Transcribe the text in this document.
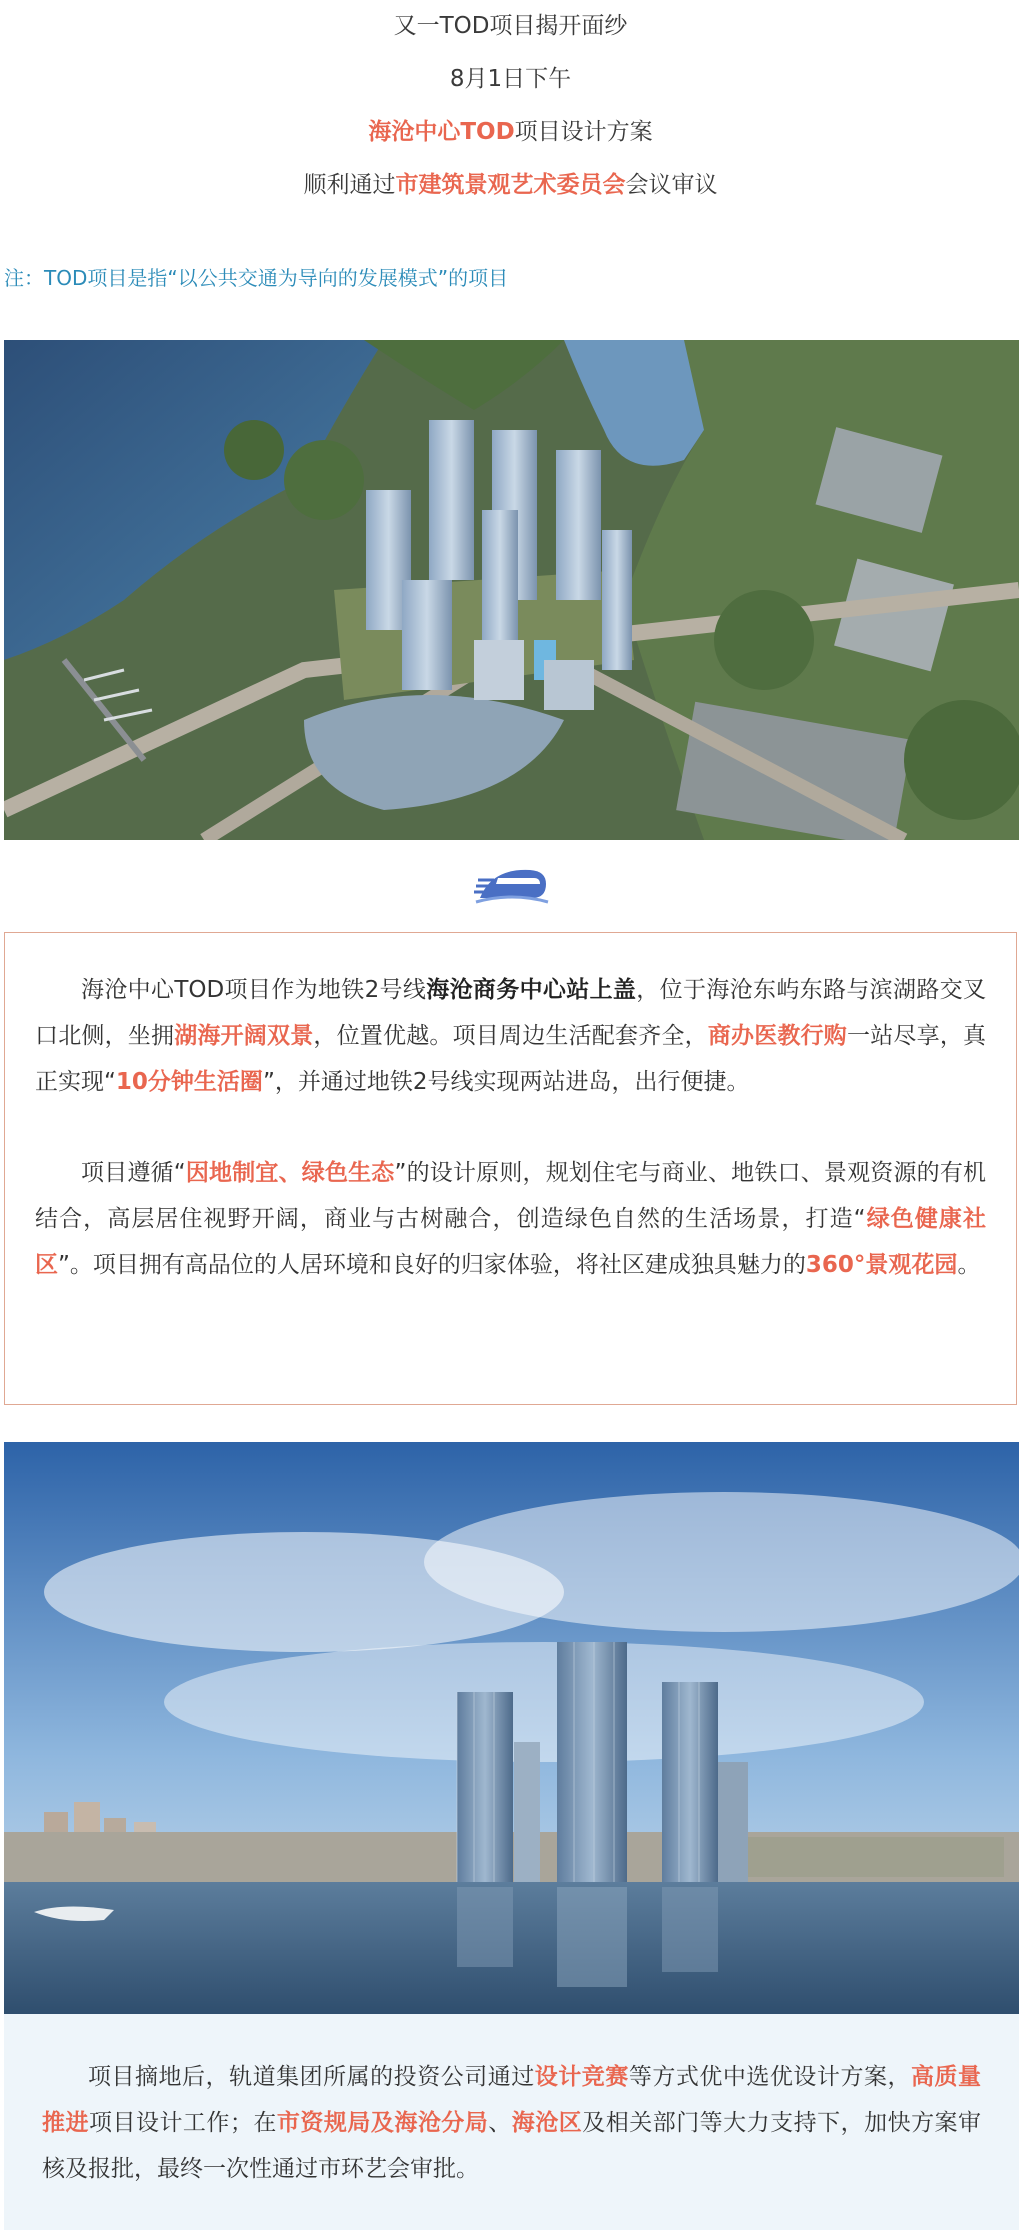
又一TOD项目揭开面纱

8月1日下午

海沧中心TOD项目设计方案

顺利通过市建筑景观艺术委员会会议审议

注：TOD项目是指“以公共交通为导向的发展模式”的项目

海沧中心TOD项目作为地铁2号线海沧商务中心站上盖，位于海沧东屿东路与滨湖路交叉口北侧，坐拥湖海开阔双景，位置优越。项目周边生活配套齐全，商办医教行购一站尽享，真正实现“10分钟生活圈”，并通过地铁2号线实现两站进岛，出行便捷。

项目遵循“因地制宜、绿色生态”的设计原则，规划住宅与商业、地铁口、景观资源的有机结合，高层居住视野开阔，商业与古树融合，创造绿色自然的生活场景，打造“绿色健康社区”。项目拥有高品位的人居环境和良好的归家体验，将社区建成独具魅力的360°景观花园。

项目摘地后，轨道集团所属的投资公司通过设计竞赛等方式优中选优设计方案，高质量推进项目设计工作；在市资规局及海沧分局、海沧区及相关部门等大力支持下，加快方案审核及报批，最终一次性通过市环艺会审批。
